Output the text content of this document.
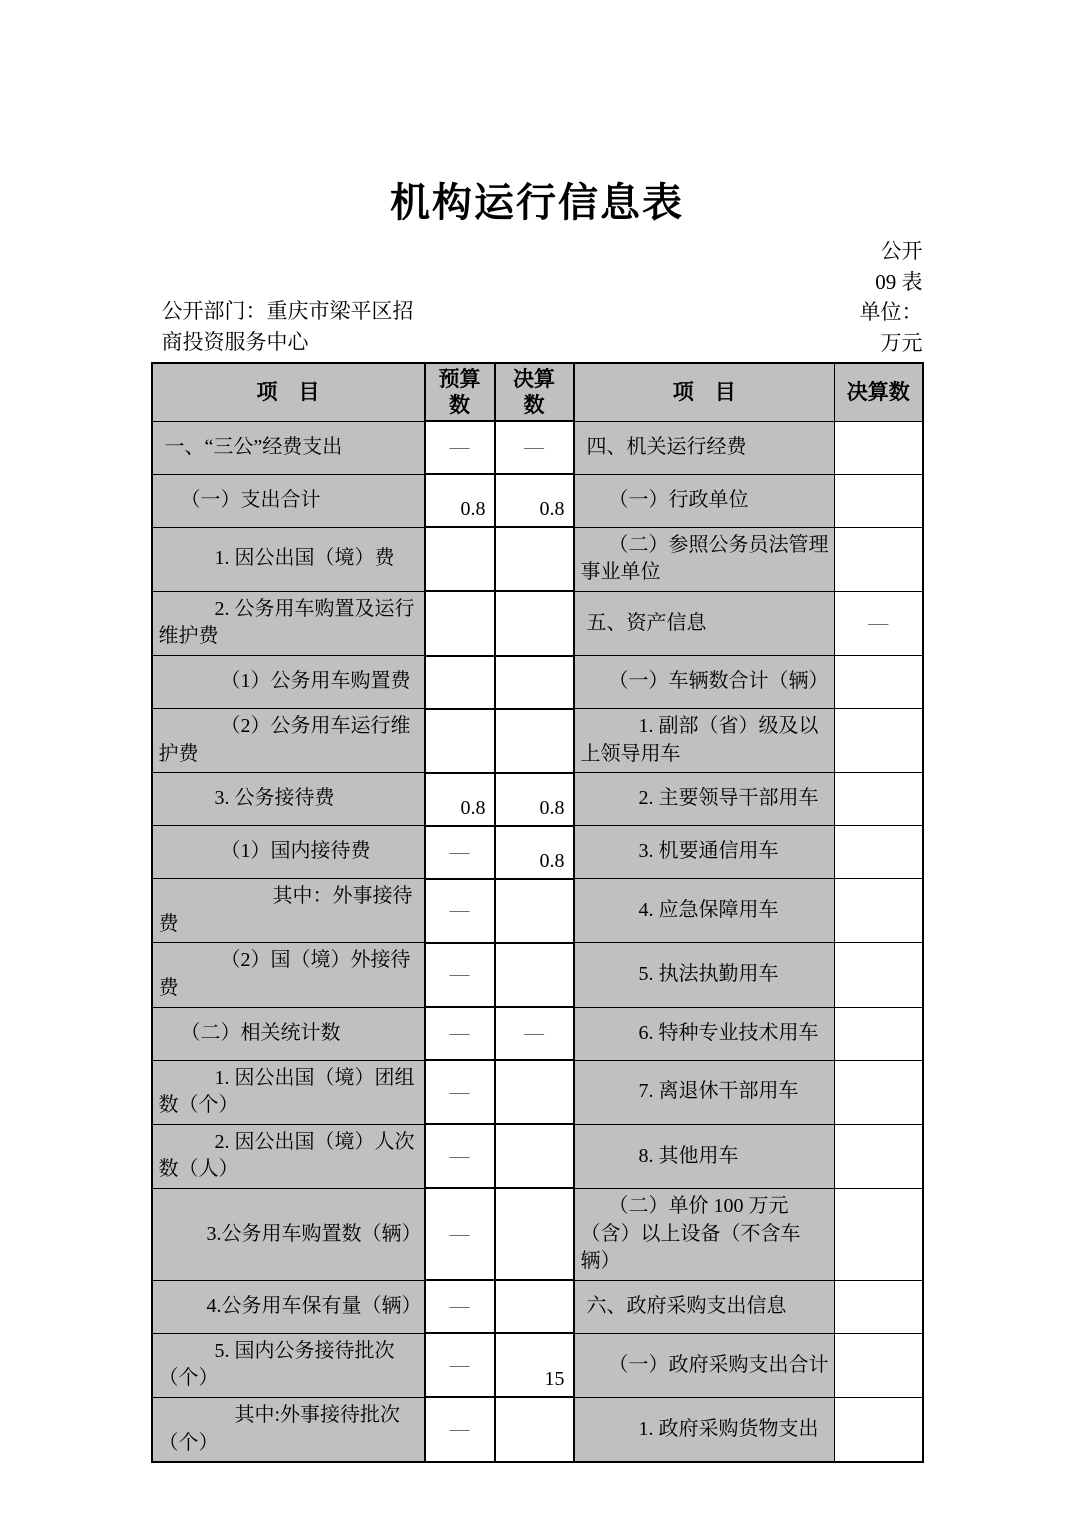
机构运行信息表
公开部门：重庆市梁平区招商投资服务中心
公开
09 表
单位：
万元
项　目	预算数	决算数	项　目	决算数

一、“三公”经费支出	—	—	四、机关运行经费	

（一）支出合计	0.8	0.8	（一）行政单位	

1. 因公出国（境）费			（二）参照公务员法管理事业单位	

2. 公务用车购置及运行维护费			五、资产信息	—

（1）公务用车购置费			（一）车辆数合计（辆）	

（2）公务用车运行维护费			1. 副部（省）级及以上领导用车	

3. 公务接待费	0.8	0.8	2. 主要领导干部用车	

（1）国内接待费	—	0.8	3. 机要通信用车	

其中：外事接待费	—		4. 应急保障用车	

（2）国（境）外接待费	—		5. 执法执勤用车	

（二）相关统计数	—	—	6. 特种专业技术用车	

1. 因公出国（境）团组数（个）	—		7. 离退休干部用车	

2. 因公出国（境）人次数（人）	—		8. 其他用车	

3.公务用车购置数（辆）	—		（二）单价 100 万元（含）以上设备（不含车辆）	

4.公务用车保有量（辆）	—		六、政府采购支出信息	

5. 国内公务接待批次（个）	—	15	（一）政府采购支出合计	

其中:外事接待批次（个）	—		1. 政府采购货物支出	
